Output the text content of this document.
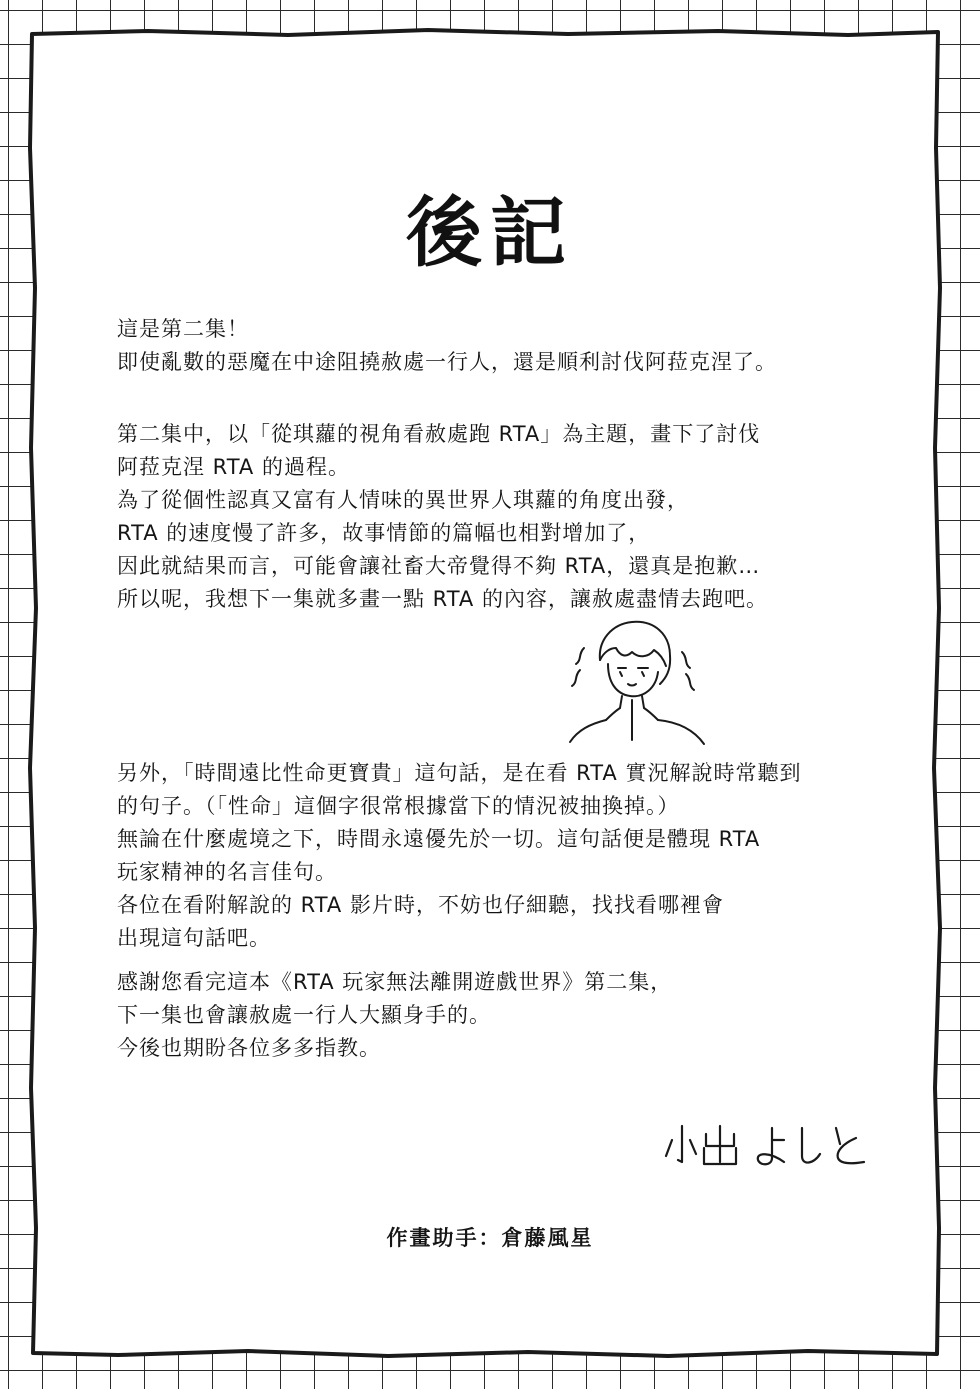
後記
這是第二集！
即使亂數的惡魔在中途阻撓赦處一行人，還是順利討伐阿菈克涅了。
第二集中，以「從琪蘿的視角看赦處跑 RTA」為主題，畫下了討伐
阿菈克涅 RTA 的過程。
為了從個性認真又富有人情味的異世界人琪蘿的角度出發，
RTA 的速度慢了許多，故事情節的篇幅也相對增加了，
因此就結果而言，可能會讓社畜大帝覺得不夠 RTA，還真是抱歉…
所以呢，我想下一集就多畫一點 RTA 的內容，讓赦處盡情去跑吧。
另外，「時間遠比性命更寶貴」這句話，是在看 RTA 實況解說時常聽到
的句子。（「性命」這個字很常根據當下的情況被抽換掉。）
無論在什麼處境之下，時間永遠優先於一切。這句話便是體現 RTA
玩家精神的名言佳句。
各位在看附解說的 RTA 影片時，不妨也仔細聽，找找看哪裡會
出現這句話吧。
感謝您看完這本《RTA 玩家無法離開遊戲世界》第二集，
下一集也會讓赦處一行人大顯身手的。
今後也期盼各位多多指教。
作畫助手：倉藤風星
